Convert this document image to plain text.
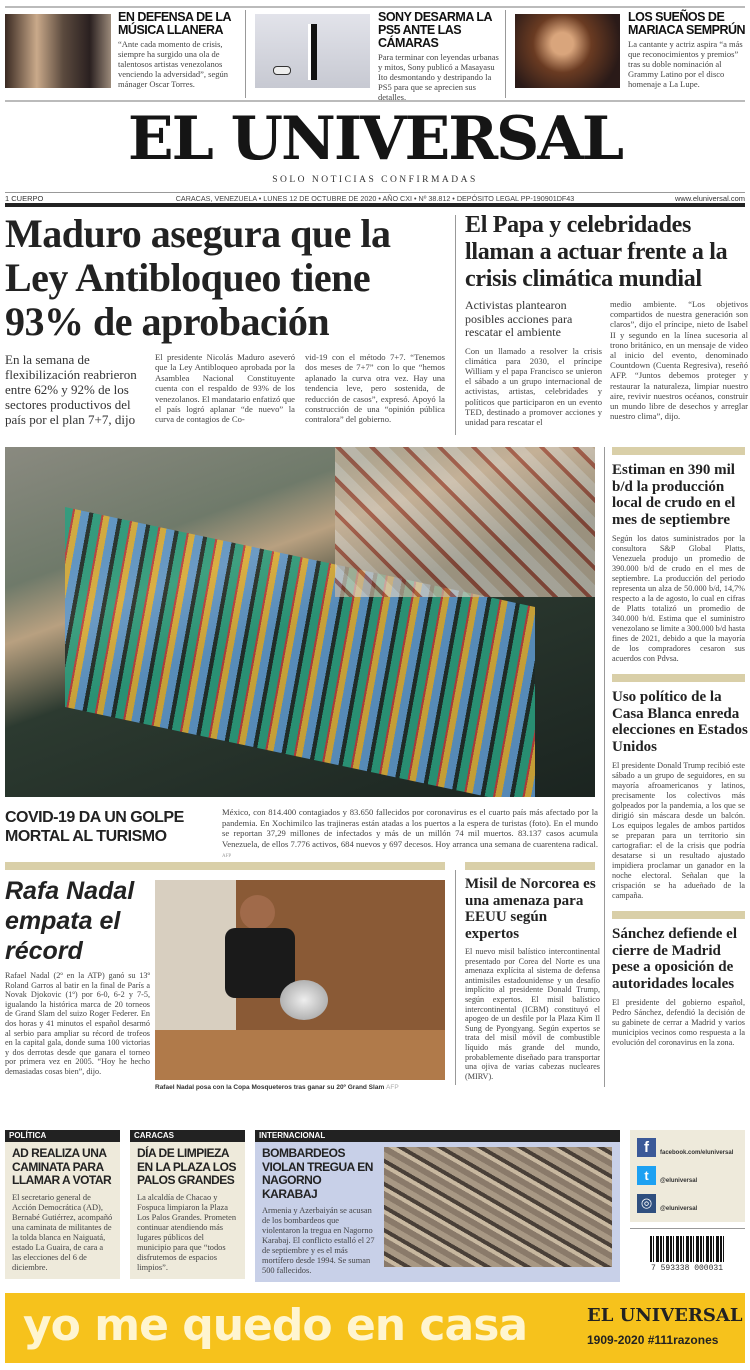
EN DEFENSA DE LA MÚSICA LLANERA
“Ante cada momento de crisis, siempre ha surgido una ola de talentosos artistas venezolanos venciendo la adversidad”, según mánager Oscar Torres.
SONY DESARMA LA PS5 ANTE LAS CÁMARAS
Para terminar con leyendas urbanas y mitos, Sony publicó a Masayasu Ito desmontando y destripando la PS5 para que se aprecien sus detalles.
LOS SUEÑOS DE MARIACA SEMPRÚN
La cantante y actriz aspira “a más que reconocimientos y premios” tras su doble nominación al Grammy Latino por el disco homenaje a La Lupe.
EL UNIVERSAL
SOLO NOTICIAS CONFIRMADAS
1 CUERPO	CARACAS, VENEZUELA • LUNES 12 DE OCTUBRE DE 2020 • AÑO CXI • Nº 38.812 • DEPÓSITO LEGAL PP-190901DF43	www.eluniversal.com
Maduro asegura que la Ley Antibloqueo tiene 93% de aprobación
En la semana de flexibilización reabrieron entre 62% y 92% de los sectores productivos del país por el plan 7+7, dijo
El presidente Nicolás Maduro aseveró que la Ley Antibloqueo aprobada por la Asamblea Nacional Constituyente cuenta con el respaldo de 93% de los venezolanos. El mandatario enfatizó que el país logró aplanar “de nuevo” la curva de contagios de Co-
vid-19 con el método 7+7. “Tenemos dos meses de 7+7” con lo que “hemos aplanado la curva otra vez. Hay una tendencia leve, pero sostenida, de reducción de casos”, expresó. Apoyó la construcción de una “opinión pública contralora” del gobierno.
El Papa y celebridades llaman a actuar frente a la crisis climática mundial
Activistas plantearon posibles acciones para rescatar el ambiente
Con un llamado a resolver la crisis climática para 2030, el príncipe William y el papa Francisco se unieron el sábado a un grupo internacional de activistas, artistas, celebridades y políticos que participaron en un evento TED, destinado a promover acciones y unidad para rescatar el
medio ambiente. “Los objetivos compartidos de nuestra generación son claros”, dijo el príncipe, nieto de Isabel II y segundo en la línea sucesoria al trono británico, en un mensaje de video al inicio del evento, denominado Countdown (Cuenta Regresiva), reseñó AFP. “Juntos debemos proteger y restaurar la naturaleza, limpiar nuestro aire, revivir nuestros océanos, construir un mundo libre de desechos y arreglar nuestro clima”, dijo.
COVID-19 DA UN GOLPE MORTAL AL TURISMO
México, con 814.400 contagiados y 83.650 fallecidos por coronavirus es el cuarto país más afectado por la pandemia. En Xochimilco las trajineras están atadas a los puertos a la espera de turistas (foto). En el mundo se reportan 37,29 millones de infectados y más de un millón 74 mil muertos. 83.137 casos acumula Venezuela, de ellos 7.776 activos, 684 nuevos y 697 decesos. Hoy arranca una semana de cuarentena radical. AFP
Estiman en 390 mil b/d la producción local de crudo en el mes de septiembre
Según los datos suministrados por la consultora S&P Global Platts, Venezuela produjo un promedio de 390.000 b/d de crudo en el mes de septiembre. La producción del periodo representa un alza de 50.000 b/d, 14,7% respecto a la de agosto, lo cual en cifras de Platts totalizó un promedio de 340.000 b/d. Estima que el suministro venezolano se limite a 300.000 b/d hasta fines de 2021, debido a que la mayoría de los compradores cesaron sus acuerdos con Pdvsa.
Uso político de la Casa Blanca enreda elecciones en Estados Unidos
El presidente Donald Trump recibió este sábado a un grupo de seguidores, en su mayoría afroamericanos y latinos, precisamente los colectivos más golpeados por la pandemia, a los que se dirigió sin máscara desde un balcón. Los equipos legales de ambos partidos se preparan para un territorio sin cartografiar: el de la crisis que podría desatarse si un resultado ajustado impidiera proclamar un ganador en la noche electoral. Señalan que la crispación se ha adueñado de la campaña.
Sánchez defiende el cierre de Madrid pese a oposición de autoridades locales
El presidente del gobierno español, Pedro Sánchez, defendió la decisión de su gabinete de cerrar a Madrid y varios municipios vecinos como respuesta a la evolución del coronavirus en la zona.
Rafa Nadal empata el récord
Rafael Nadal (2º en la ATP) ganó su 13º Roland Garros al batir en la final de París a Novak Djokovic (1º) por 6-0, 6-2 y 7-5, igualando la histórica marca de 20 torneos de Grand Slam del suizo Roger Federer. En dos horas y 41 minutos el español desarmó al serbio para ampliar su récord de trofeos en la capital gala, donde suma 100 victorias y dos derrotas desde que ganara el torneo por primera vez en 2005. “Hoy he hecho demasiadas cosas bien”, dijo.
Rafael Nadal posa con la Copa Mosqueteros tras ganar su 20º Grand Slam AFP
Misil de Norcorea es una amenaza para EEUU según expertos
El nuevo misil balístico intercontinental presentado por Corea del Norte es una amenaza explícita al sistema de defensa antimisiles estadounidense y un desafío implícito al presidente Donald Trump, según expertos. El misil balístico intercontinental (ICBM) constituyó el apogeo de un desfile por la Plaza Kim Il Sung de Pyongyang. Según expertos se trata del misil móvil de combustible líquido más grande del mundo, probablemente diseñado para transportar una ojiva de varias cabezas nucleares (MIRV).
POLÍTICA
AD REALIZA UNA CAMINATA PARA LLAMAR A VOTAR
El secretario general de Acción Democrática (AD), Bernabé Gutiérrez, acompañó una caminata de militantes de la tolda blanca en Naiguatá, estado La Guaira, de cara a las elecciones del 6 de diciembre.
CARACAS
DÍA DE LIMPIEZA EN LA PLAZA LOS PALOS GRANDES
La alcaldía de Chacao y Fospuca limpiaron la Plaza Los Palos Grandes. Prometen continuar atendiendo más lugares públicos del municipio para que “todos disfrutemos de espacios limpios”.
INTERNACIONAL
BOMBARDEOS VIOLAN TREGUA EN NAGORNO KARABAJ
Armenia y Azerbaiyán se acusan de los bombardeos que violentaron la tregua en Nagorno Karabaj. El conflicto estalló el 27 de septiembre y es el más mortífero desde 1994. Se suman 500 fallecidos.
f	facebook.com/eluniversal
t	@eluniversal
◎	@eluniversal
7 593338 000031
yo me quedo en casa	EL UNIVERSAL
1909-2020 #111razones
